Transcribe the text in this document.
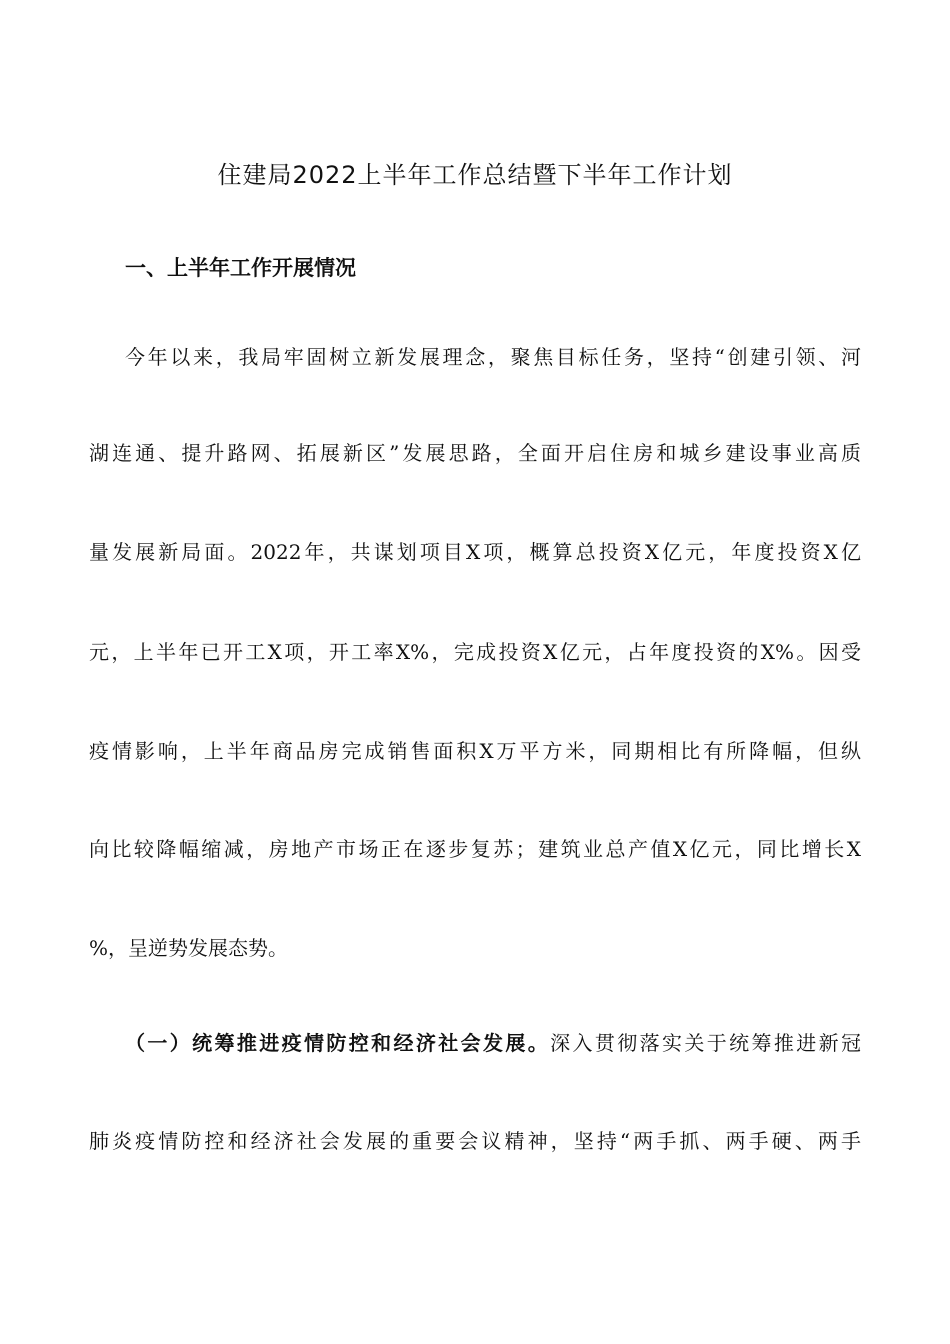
住建局2022上半年工作总结暨下半年工作计划
一、上半年工作开展情况
今年以来，我局牢固树立新发展理念，聚焦目标任务，坚持“创建引领、河
湖连通、提升路网、拓展新区”发展思路，全面开启住房和城乡建设事业高质
量发展新局面。2022年，共谋划项目X项，概算总投资X亿元，年度投资X亿
元，上半年已开工X项，开工率X%，完成投资X亿元，占年度投资的X%。因受
疫情影响，上半年商品房完成销售面积X万平方米，同期相比有所降幅，但纵
向比较降幅缩减，房地产市场正在逐步复苏；建筑业总产值X亿元，同比增长X
%，呈逆势发展态势。
（一）统筹推进疫情防控和经济社会发展。深入贯彻落实关于统筹推进新冠
肺炎疫情防控和经济社会发展的重要会议精神，坚持“两手抓、两手硬、两手
